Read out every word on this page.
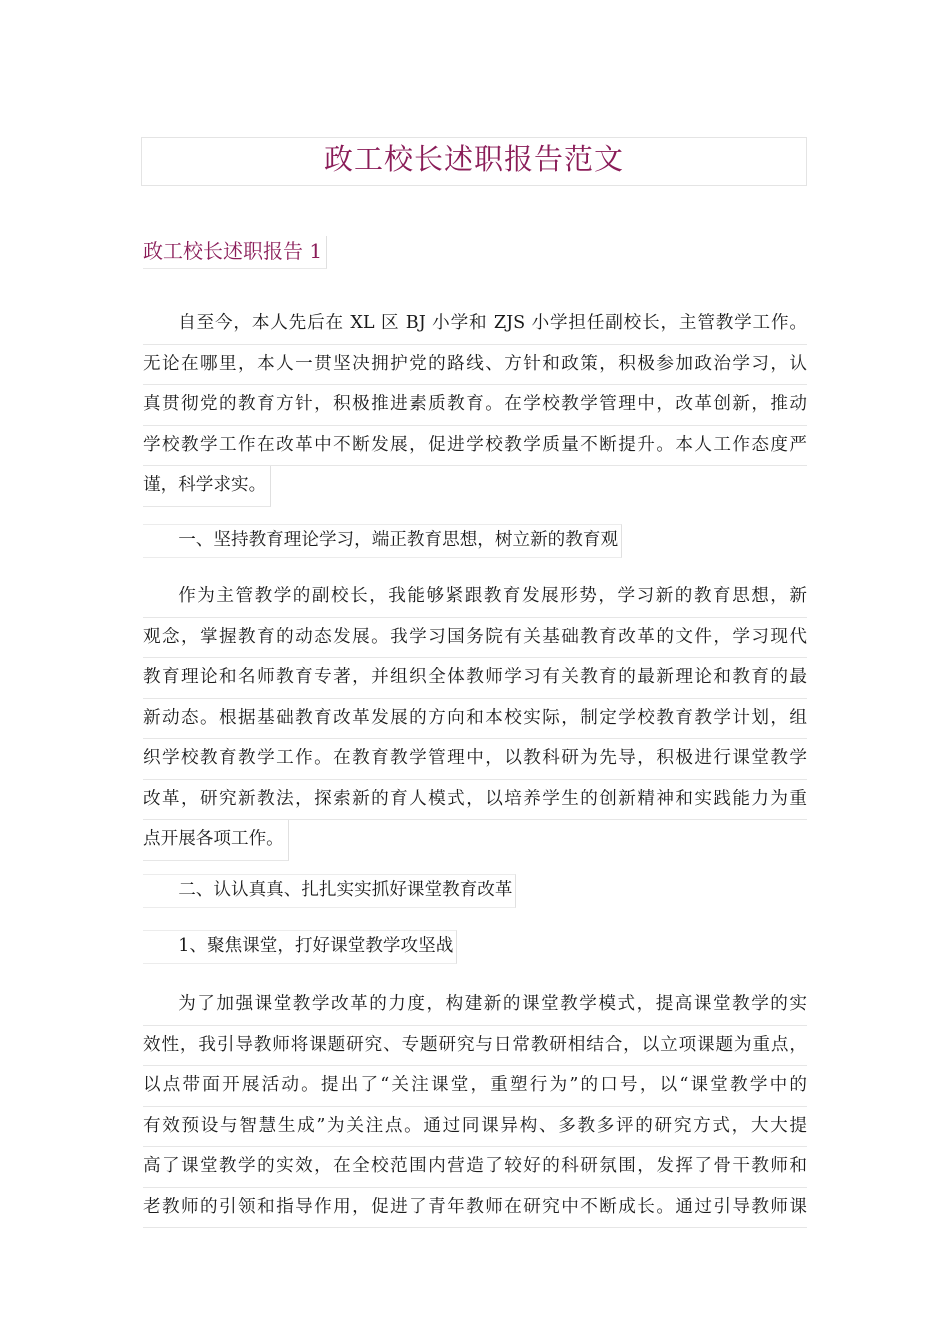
政工校长述职报告范文
政工校长述职报告 1
自至今，本人先后在 XL 区 BJ 小学和 ZJS 小学担任副校长，主管教学工作。
无论在哪里，本人一贯坚决拥护党的路线、方针和政策，积极参加政治学习，认
真贯彻党的教育方针，积极推进素质教育。在学校教学管理中，改革创新，推动
学校教学工作在改革中不断发展，促进学校教学质量不断提升。本人工作态度严
谨，科学求实。
一、坚持教育理论学习，端正教育思想，树立新的教育观
作为主管教学的副校长，我能够紧跟教育发展形势，学习新的教育思想，新
观念，掌握教育的动态发展。我学习国务院有关基础教育改革的文件，学习现代
教育理论和名师教育专著，并组织全体教师学习有关教育的最新理论和教育的最
新动态。根据基础教育改革发展的方向和本校实际，制定学校教育教学计划，组
织学校教育教学工作。在教育教学管理中，以教科研为先导，积极进行课堂教学
改革，研究新教法，探索新的育人模式，以培养学生的创新精神和实践能力为重
点开展各项工作。
二、认认真真、扎扎实实抓好课堂教育改革
1、聚焦课堂，打好课堂教学攻坚战
为了加强课堂教学改革的力度，构建新的课堂教学模式，提高课堂教学的实
效性，我引导教师将课题研究、专题研究与日常教研相结合，以立项课题为重点，
以点带面开展活动。提出了“关注课堂，重塑行为”的口号，以“课堂教学中的
有效预设与智慧生成”为关注点。通过同课异构、多教多评的研究方式，大大提
高了课堂教学的实效，在全校范围内营造了较好的科研氛围，发挥了骨干教师和
老教师的引领和指导作用，促进了青年教师在研究中不断成长。通过引导教师课
